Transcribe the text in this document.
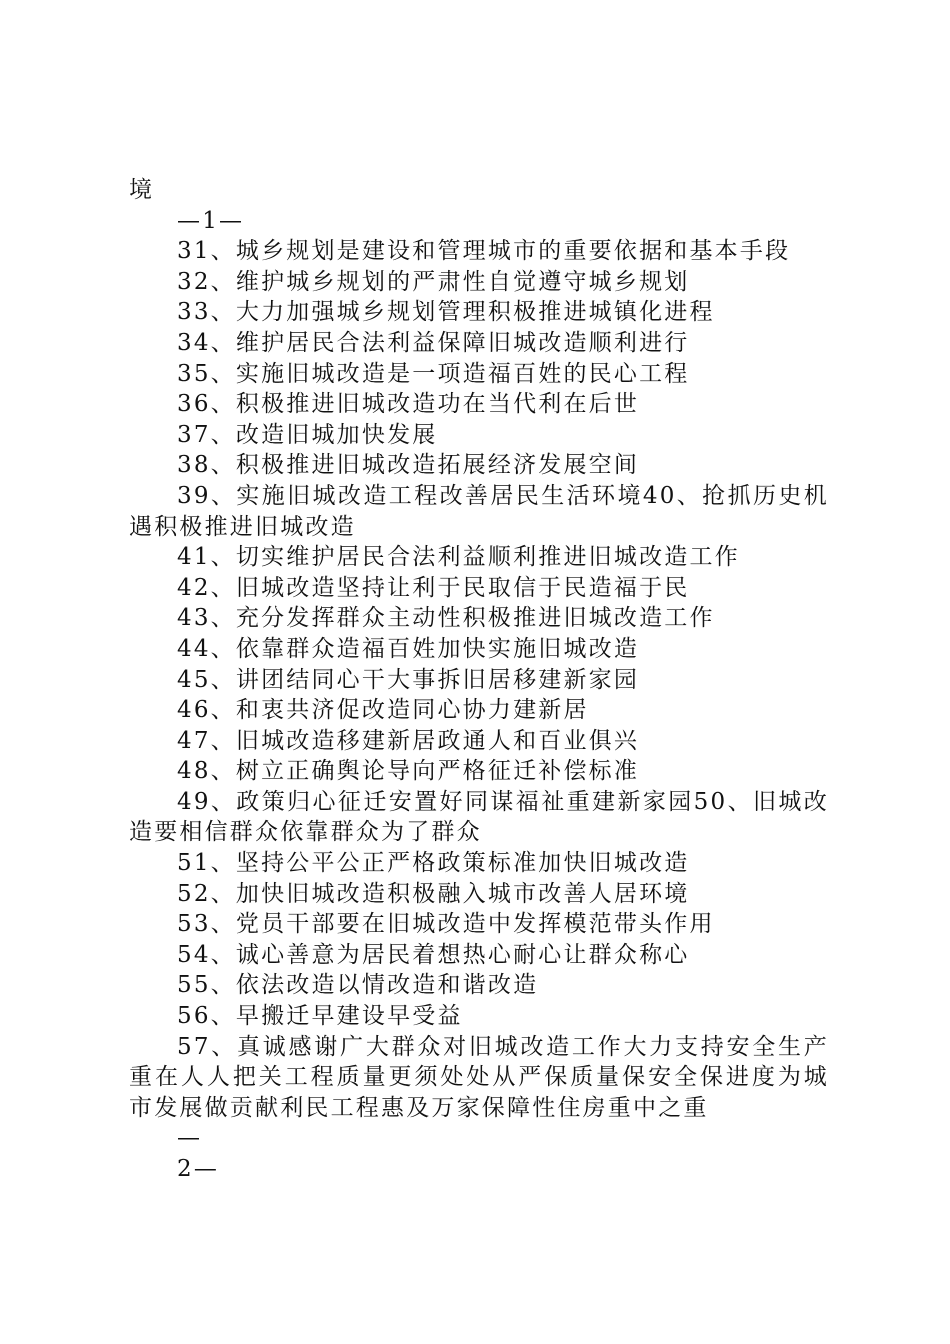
境
—1—
31、城乡规划是建设和管理城市的重要依据和基本手段
32、维护城乡规划的严肃性自觉遵守城乡规划
33、大力加强城乡规划管理积极推进城镇化进程
34、维护居民合法利益保障旧城改造顺利进行
35、实施旧城改造是一项造福百姓的民心工程
36、积极推进旧城改造功在当代利在后世
37、改造旧城加快发展
38、积极推进旧城改造拓展经济发展空间
39、实施旧城改造工程改善居民生活环境40、抢抓历史机遇积极推进旧城改造
41、切实维护居民合法利益顺利推进旧城改造工作
42、旧城改造坚持让利于民取信于民造福于民
43、充分发挥群众主动性积极推进旧城改造工作
44、依靠群众造福百姓加快实施旧城改造
45、讲团结同心干大事拆旧居移建新家园
46、和衷共济促改造同心协力建新居
47、旧城改造移建新居政通人和百业俱兴
48、树立正确舆论导向严格征迁补偿标准
49、政策归心征迁安置好同谋福祉重建新家园50、旧城改造要相信群众依靠群众为了群众
51、坚持公平公正严格政策标准加快旧城改造
52、加快旧城改造积极融入城市改善人居环境
53、党员干部要在旧城改造中发挥模范带头作用
54、诚心善意为居民着想热心耐心让群众称心
55、依法改造以情改造和谐改造
56、早搬迁早建设早受益
57、真诚感谢广大群众对旧城改造工作大力支持安全生产重在人人把关工程质量更须处处从严保质量保安全保进度为城市发展做贡献利民工程惠及万家保障性住房重中之重
—
2—
